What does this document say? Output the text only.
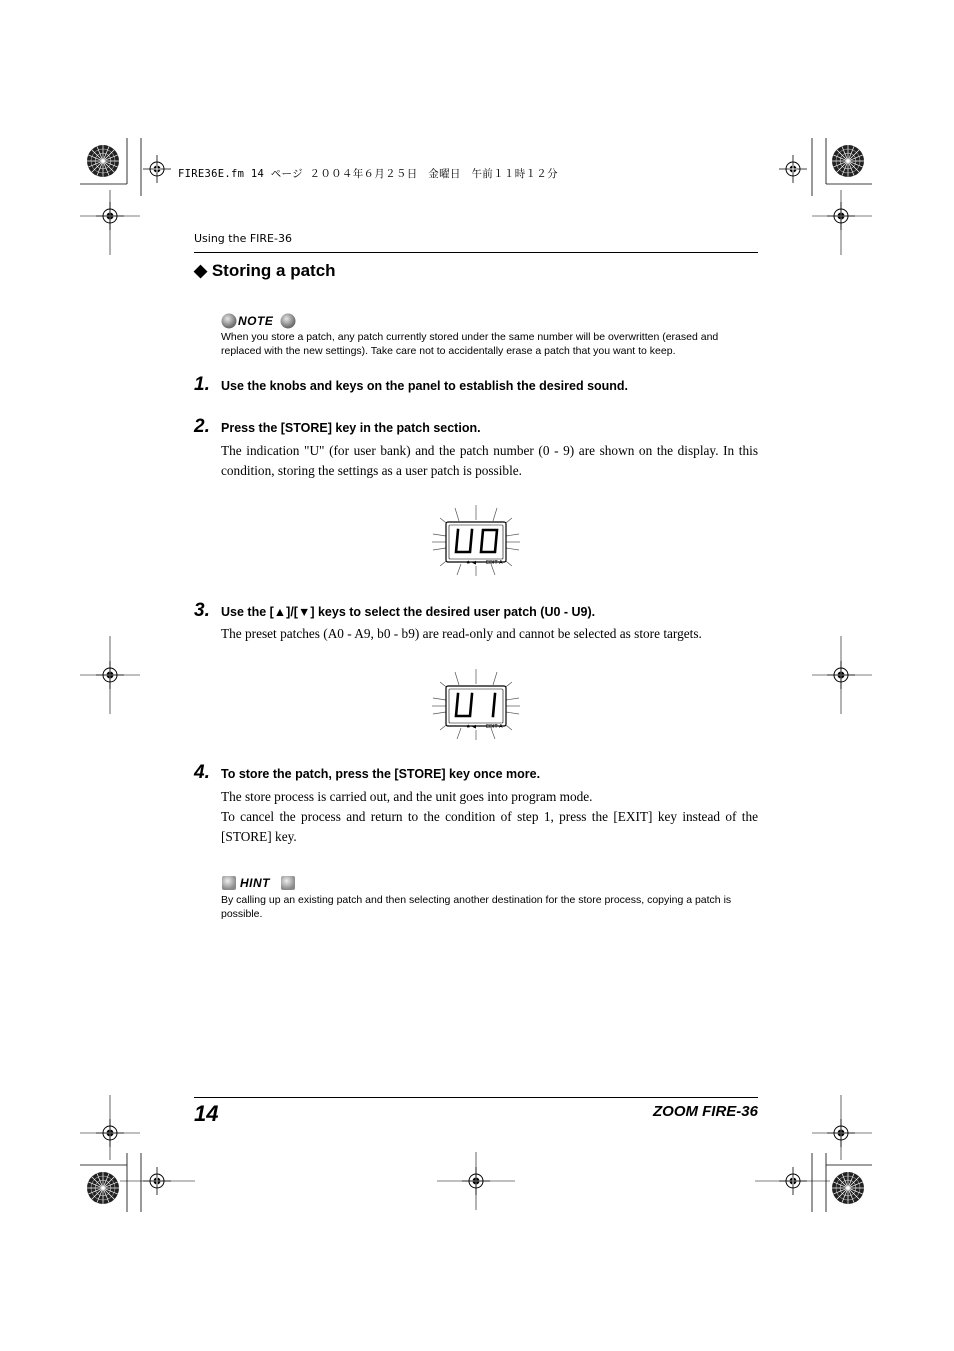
FIRE36E.fm 14 ページ ２００４年６月２５日　金曜日　午前１１時１２分
Using the FIRE-36
◆ Storing a patch
NOTE
When you store a patch, any patch currently stored under the same number will be overwritten (erased and replaced with the new settings). Take care not to accidentally erase a patch that you want to keep.
1. Use the knobs and keys on the panel to establish the desired sound.
2. Press the [STORE] key in the patch section.
The indication "U" (for user bank) and the patch number (0 - 9) are shown on the display. In this condition, storing the settings as a user patch is possible.
♠ ◀ EDIT A
3. Use the [▲]/[▼] keys to select the desired user patch (U0 - U9).
The preset patches (A0 - A9, b0 - b9) are read-only and cannot be selected as store targets.
♠ ◀ EDIT A
4. To store the patch, press the [STORE] key once more.
The store process is carried out, and the unit goes into program mode.
To cancel the process and return to the condition of step 1, press the [EXIT] key instead of the [STORE] key.
HINT
By calling up an existing patch and then selecting another destination for the store process, copying a patch is possible.
14	ZOOM FIRE-36
